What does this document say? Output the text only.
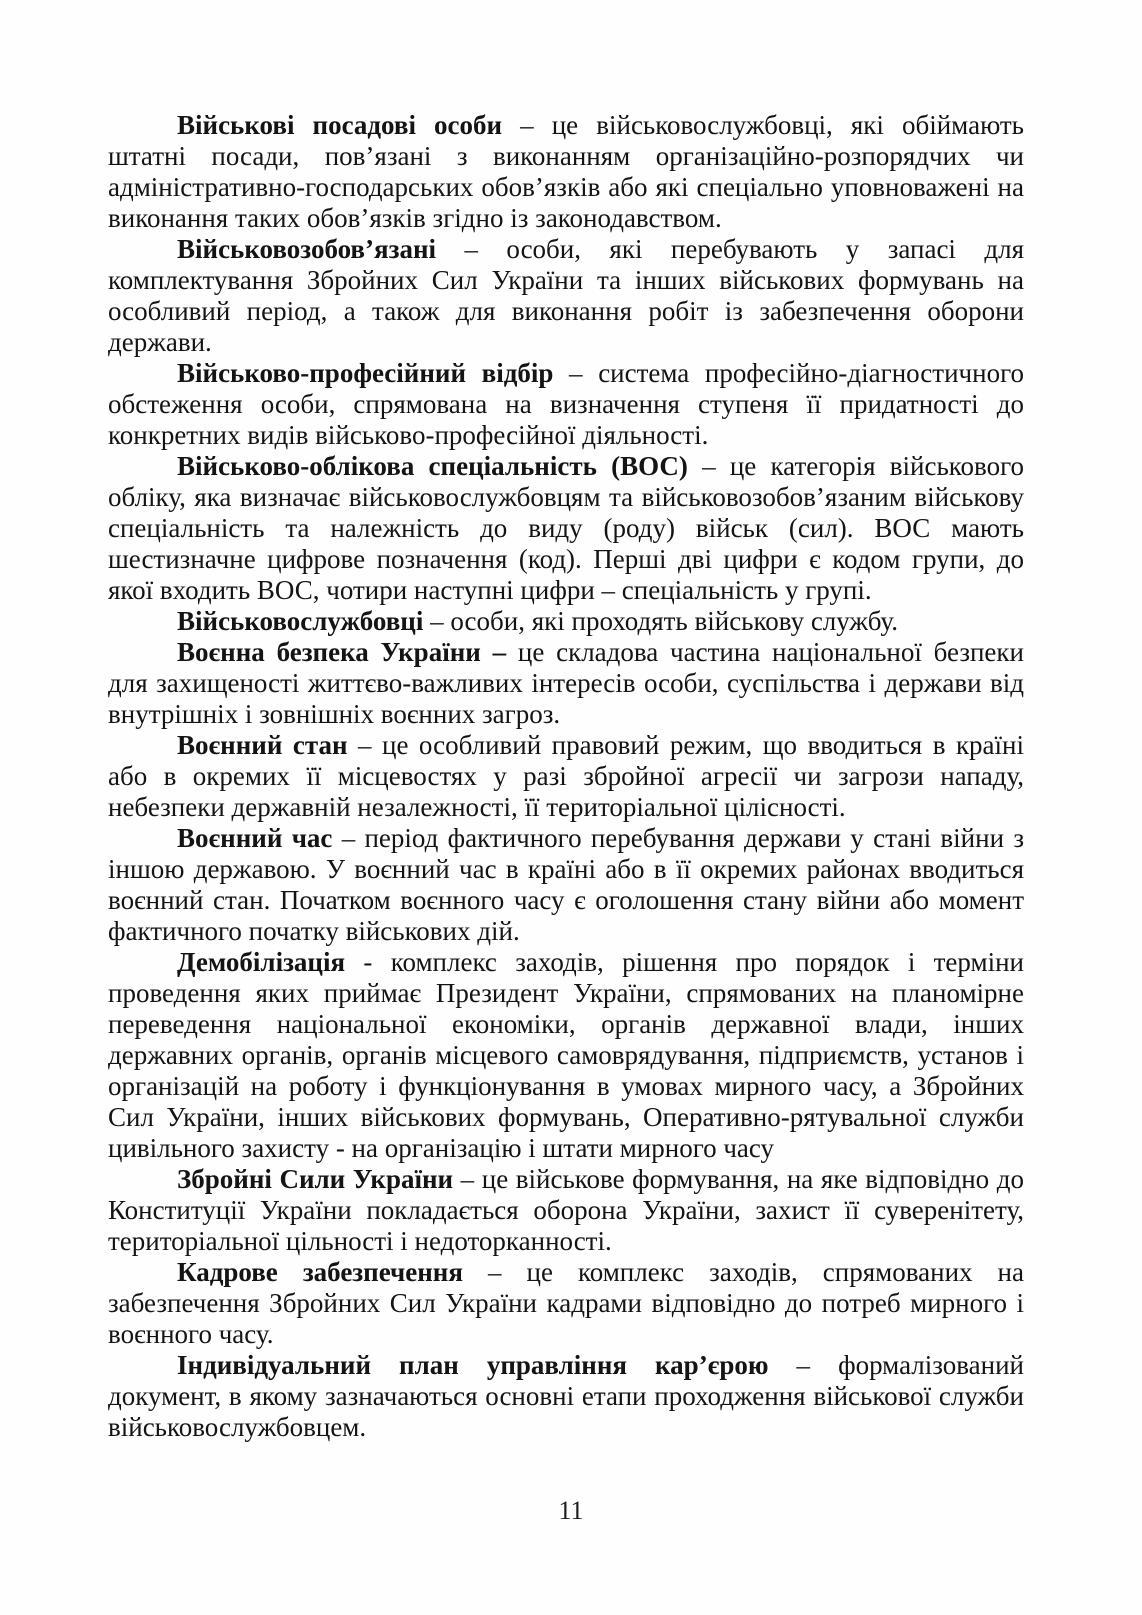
Військові посадові особи – це військовослужбовці, які обіймають штатні посади, пов’язані з виконанням організаційно-розпорядчих чи адміністративно-господарських обов’язків або які спеціально уповноважені на виконання таких обов’язків згідно із законодавством.

Військовозобов’язані – особи, які перебувають у запасі для комплектування Збройних Сил України та інших військових формувань на особливий період, а також для виконання робіт із забезпечення оборони держави.

Військово-професійний відбір – система професійно-діагностичного обстеження особи, спрямована на визначення ступеня її придатності до конкретних видів військово-професійної діяльності.

Військово-облікова спеціальність (ВОС) – це категорія військового обліку, яка визначає військовослужбовцям та військовозобов’язаним військову спеціальність та належність до виду (роду) військ (сил). ВОС мають шестизначне цифрове позначення (код). Перші дві цифри є кодом групи, до якої входить ВОС, чотири наступні цифри – спеціальність у групі.

Військовослужбовці – особи, які проходять військову службу.

Воєнна безпека України – це складова частина національної безпеки для захищеності життєво-важливих інтересів особи, суспільства і держави від внутрішніх і зовнішніх воєнних загроз.

Воєнний стан – це особливий правовий режим, що вводиться в країні або в окремих її місцевостях у разі збройної агресії чи загрози нападу, небезпеки державній незалежності, її територіальної цілісності.

Воєнний час – період фактичного перебування держави у стані війни з іншою державою. У воєнний час в країні або в її окремих районах вводиться воєнний стан. Початком воєнного часу є оголошення стану війни або момент фактичного початку військових дій.

Демобілізація - комплекс заходів, рішення про порядок і терміни проведення яких приймає Президент України, спрямованих на планомірне переведення національної економіки, органів державної влади, інших державних органів, органів місцевого самоврядування, підприємств, установ і організацій на роботу і функціонування в умовах мирного часу, а Збройних Сил України, інших військових формувань, Оперативно-рятувальної служби цивільного захисту - на організацію і штати мирного часу

Збройні Сили України – це військове формування, на яке відповідно до Конституції України покладається оборона України, захист її суверенітету, територіальної цільності і недоторканності.

Кадрове забезпечення – це комплекс заходів, спрямованих на забезпечення Збройних Сил України кадрами відповідно до потреб мирного і воєнного часу.

Індивідуальний план управління кар’єрою – формалізований документ, в якому зазначаються основні етапи проходження військової служби військовослужбовцем.

11
